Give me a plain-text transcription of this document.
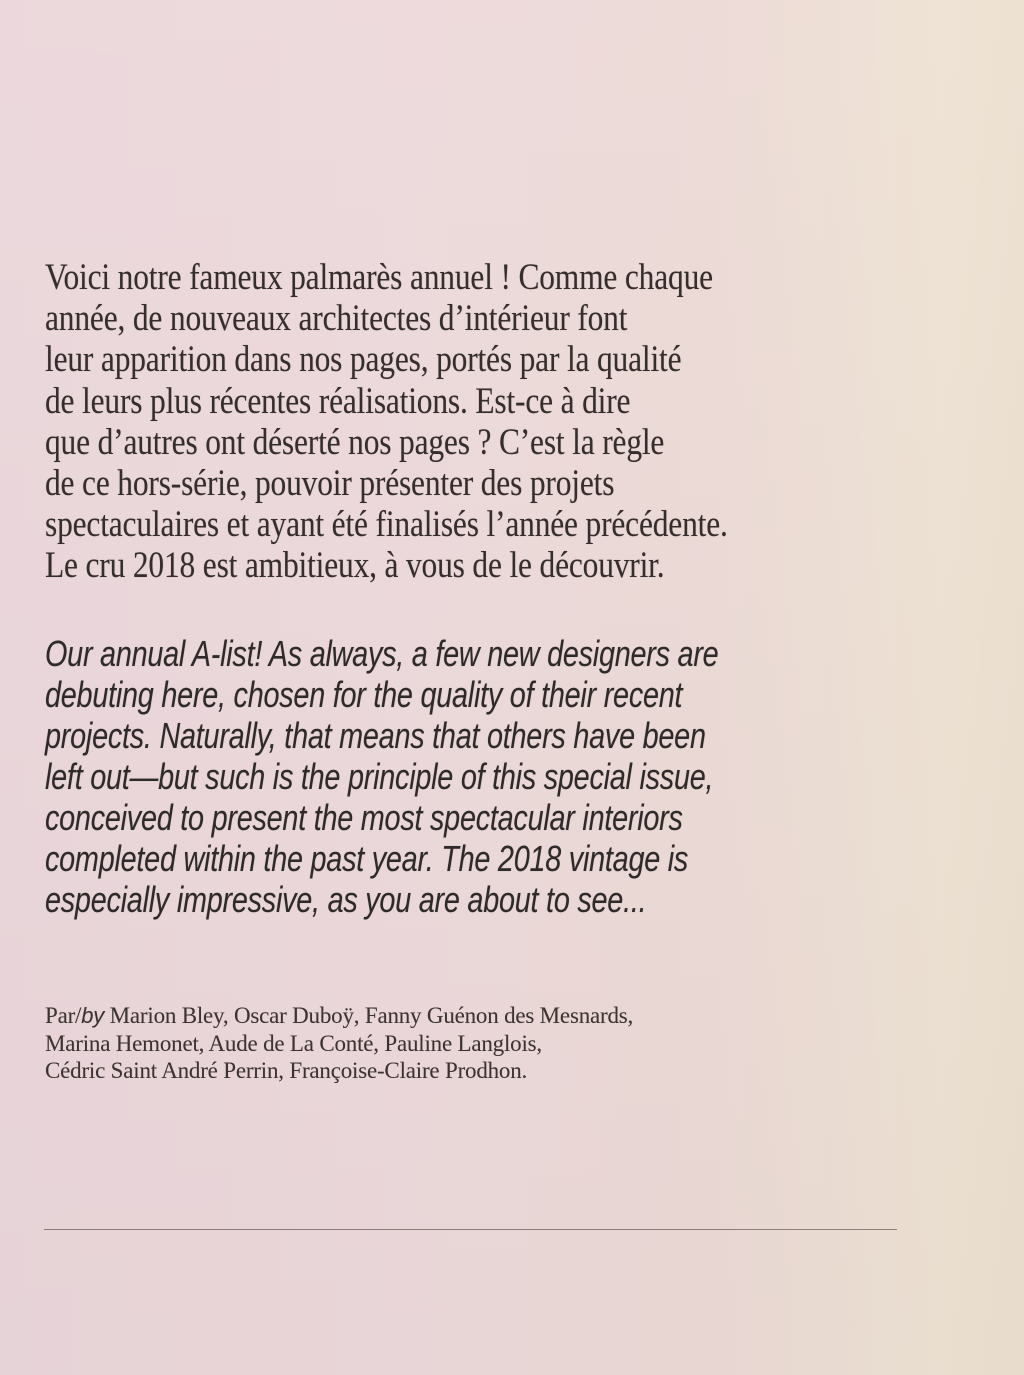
Voici notre fameux palmarès annuel ! Comme chaque
année, de nouveaux architectes d’intérieur font
leur apparition dans nos pages, portés par la qualité
de leurs plus récentes réalisations. Est-ce à dire
que d’autres ont déserté nos pages ? C’est la règle
de ce hors-série, pouvoir présenter des projets
spectaculaires et ayant été finalisés l’année précédente.
Le cru 2018 est ambitieux, à vous de le découvrir.
Our annual A-list! As always, a few new designers are
debuting here, chosen for the quality of their recent
projects. Naturally, that means that others have been
left out—but such is the principle of this special issue,
conceived to present the most spectacular interiors
completed within the past year. The 2018 vintage is
especially impressive, as you are about to see...
Par/by Marion Bley, Oscar Duboÿ, Fanny Guénon des Mesnards,
Marina Hemonet, Aude de La Conté, Pauline Langlois,
Cédric Saint André Perrin, Françoise-Claire Prodhon.
